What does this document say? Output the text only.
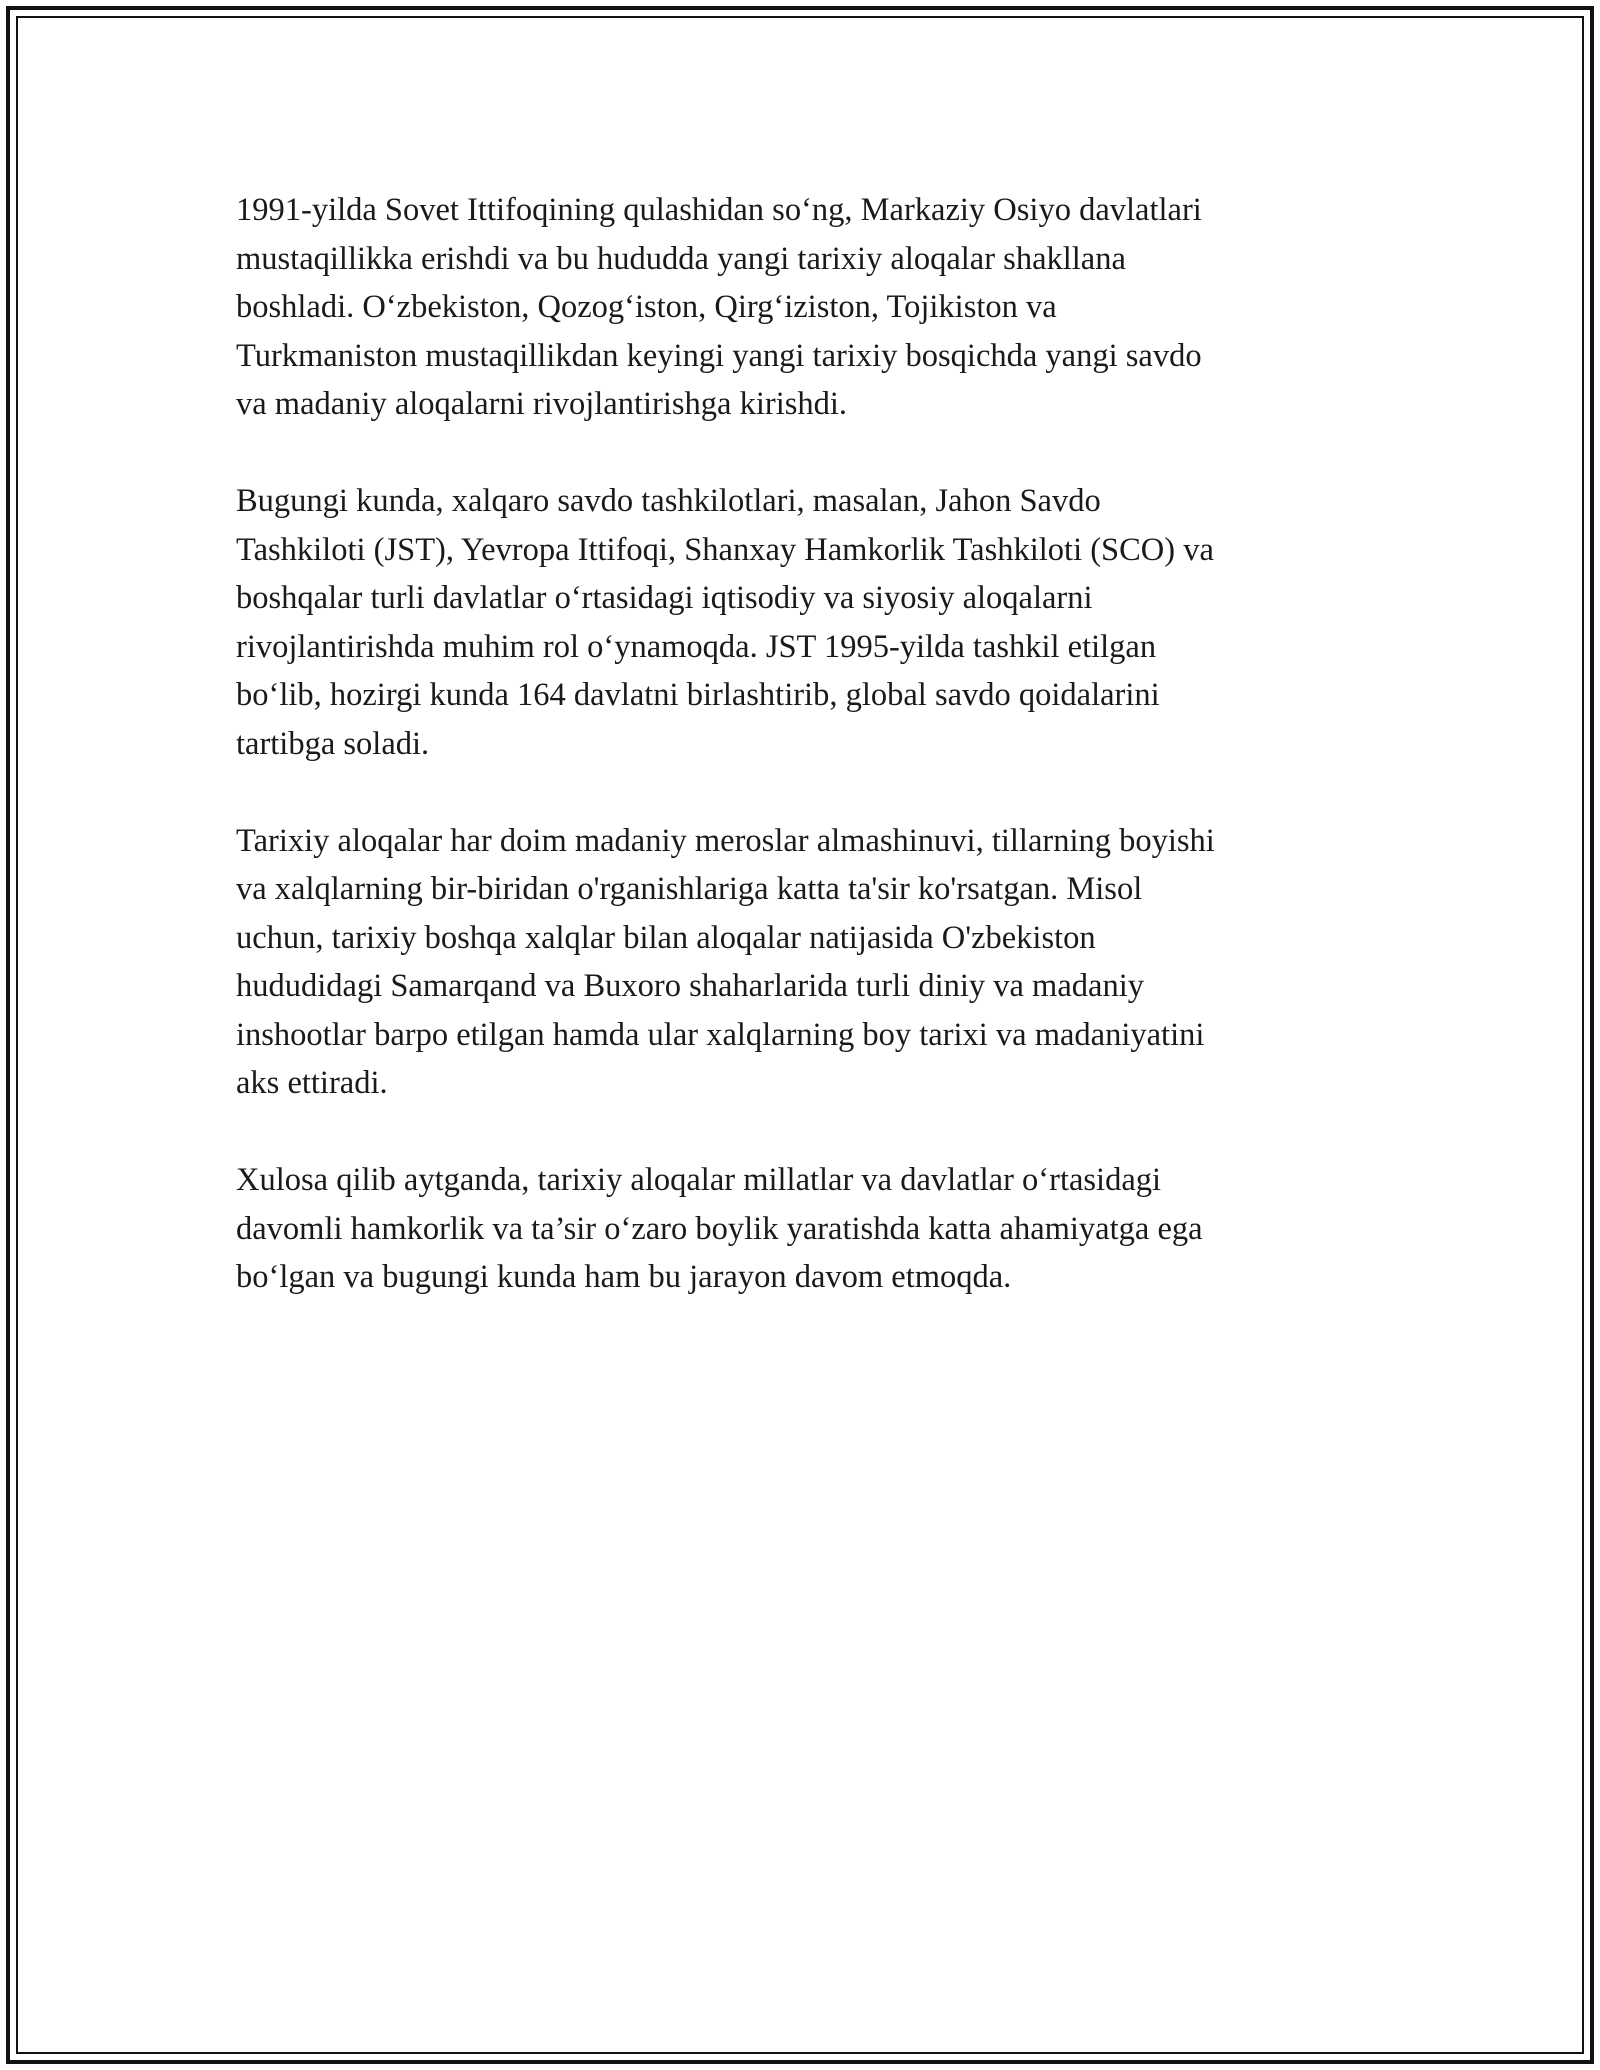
1991-yilda Sovet Ittifoqining qulashidan so‘ng, Markaziy Osiyo davlatlari
mustaqillikka erishdi va bu hududda yangi tarixiy aloqalar shakllana
boshladi. O‘zbekiston, Qozog‘iston, Qirg‘iziston, Tojikiston va
Turkmaniston mustaqillikdan keyingi yangi tarixiy bosqichda yangi savdo
va madaniy aloqalarni rivojlantirishga kirishdi.

Bugungi kunda, xalqaro savdo tashkilotlari, masalan, Jahon Savdo
Tashkiloti (JST), Yevropa Ittifoqi, Shanxay Hamkorlik Tashkiloti (SCO) va
boshqalar turli davlatlar o‘rtasidagi iqtisodiy va siyosiy aloqalarni
rivojlantirishda muhim rol o‘ynamoqda. JST 1995-yilda tashkil etilgan
bo‘lib, hozirgi kunda 164 davlatni birlashtirib, global savdo qoidalarini
tartibga soladi.

Tarixiy aloqalar har doim madaniy meroslar almashinuvi, tillarning boyishi
va xalqlarning bir-biridan o'rganishlariga katta ta'sir ko'rsatgan. Misol
uchun, tarixiy boshqa xalqlar bilan aloqalar natijasida O'zbekiston
hududidagi Samarqand va Buxoro shaharlarida turli diniy va madaniy
inshootlar barpo etilgan hamda ular xalqlarning boy tarixi va madaniyatini
aks ettiradi.

Xulosa qilib aytganda, tarixiy aloqalar millatlar va davlatlar o‘rtasidagi
davomli hamkorlik va ta’sir o‘zaro boylik yaratishda katta ahamiyatga ega
bo‘lgan va bugungi kunda ham bu jarayon davom etmoqda.
